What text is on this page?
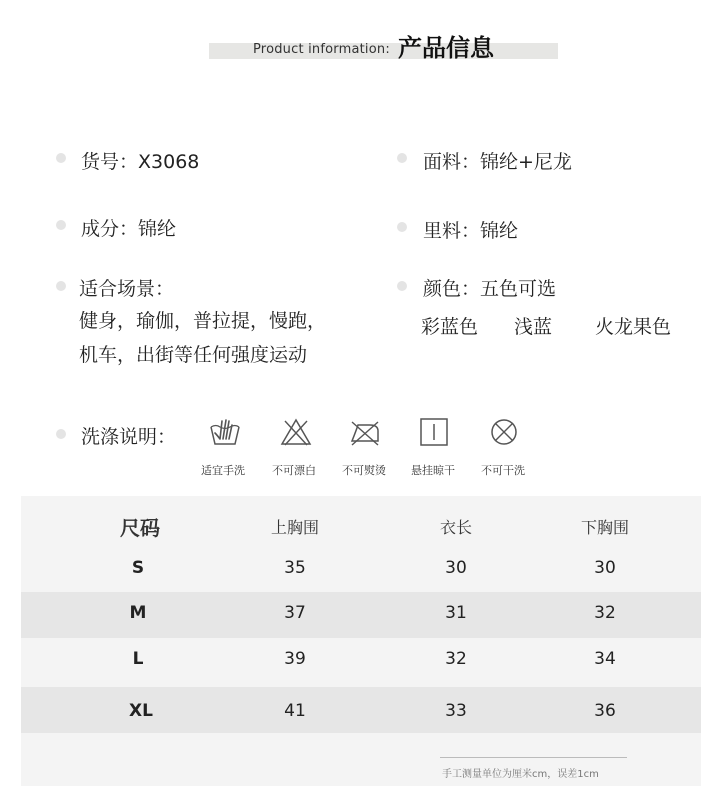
Product information: 产品信息
货号：X3068	面料：锦纶+尼龙
成分：锦纶	里料：锦纶
适合场景：
健身，瑜伽，普拉提，慢跑，
机车，出街等任何强度运动
颜色：五色可选
彩蓝色 浅蓝 火龙果色
洗涤说明：
适宜手洗 不可漂白 不可熨烫 悬挂晾干 不可干洗
尺码	上胸围	衣长	下胸围
S	35	30	30
M	37	31	32
L	39	32	34
XL	41	33	36
手工测量单位为厘米cm，误差1cm
